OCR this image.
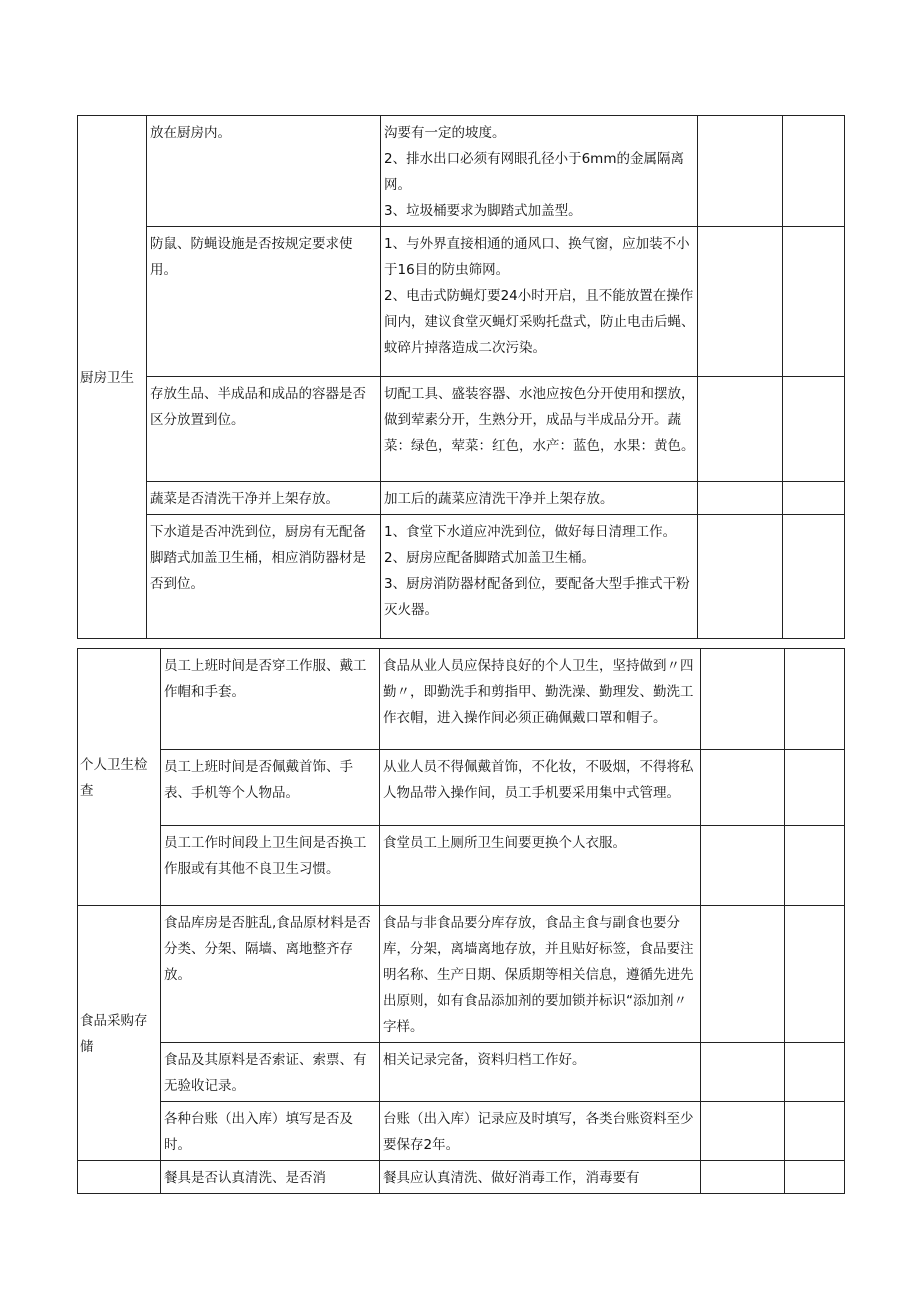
厨房卫生	放在厨房内。	沟要有一定的坡度。
2、排水出口必须有网眼孔径小于6mm的金属隔离网。
3、垃圾桶要求为脚踏式加盖型。		

	防鼠、防蝇设施是否按规定要求使用。	1、与外界直接相通的通风口、换气窗，应加装不小于16目的防虫筛网。
2、电击式防蝇灯要24小时开启，且不能放置在操作间内，建议食堂灭蝇灯采购托盘式，防止电击后蝇、蚊碎片掉落造成二次污染。		

	存放生品、半成品和成品的容器是否区分放置到位。	切配工具、盛装容器、水池应按色分开使用和摆放，做到荤素分开，生熟分开，成品与半成品分开。蔬菜：绿色，荤菜：红色，水产：蓝色，水果：黄色。		

	蔬菜是否清洗干净并上架存放。	加工后的蔬菜应清洗干净并上架存放。		

	下水道是否冲洗到位，厨房有无配备脚踏式加盖卫生桶，相应消防器材是否到位。	1、食堂下水道应冲洗到位，做好每日清理工作。
2、厨房应配备脚踏式加盖卫生桶。
3、厨房消防器材配备到位，要配备大型手推式干粉灭火器。		

个人卫生检查	员工上班时间是否穿工作服、戴工作帽和手套。	食品从业人员应保持良好的个人卫生，坚持做到〃四勤〃，即勤洗手和剪指甲、勤洗澡、勤理发、勤洗工作衣帽，进入操作间必须正确佩戴口罩和帽子。		

	员工上班时间是否佩戴首饰、手表、手机等个人物品。	从业人员不得佩戴首饰，不化妆，不吸烟，不得将私人物品带入操作间，员工手机要采用集中式管理。		

	员工工作时间段上卫生间是否换工作服或有其他不良卫生习惯。	食堂员工上厕所卫生间要更换个人衣服。		

食品采购存储	食品库房是否脏乱,食品原材料是否分类、分架、隔墙、离地整齐存放。	食品与非食品要分库存放，食品主食与副食也要分库，分架，离墙离地存放，并且贴好标签，食品要注明名称、生产日期、保质期等相关信息，遵循先进先出原则，如有食品添加剂的要加锁并标识“添加剂〃字样。		

	食品及其原料是否索证、索票、有无验收记录。	相关记录完备，资料归档工作好。		

	各种台账（出入库）填写是否及时。	台账（出入库）记录应及时填写，各类台账资料至少要保存2年。		

	餐具是否认真清洗、是否消	餐具应认真清洗、做好消毒工作，消毒要有		
